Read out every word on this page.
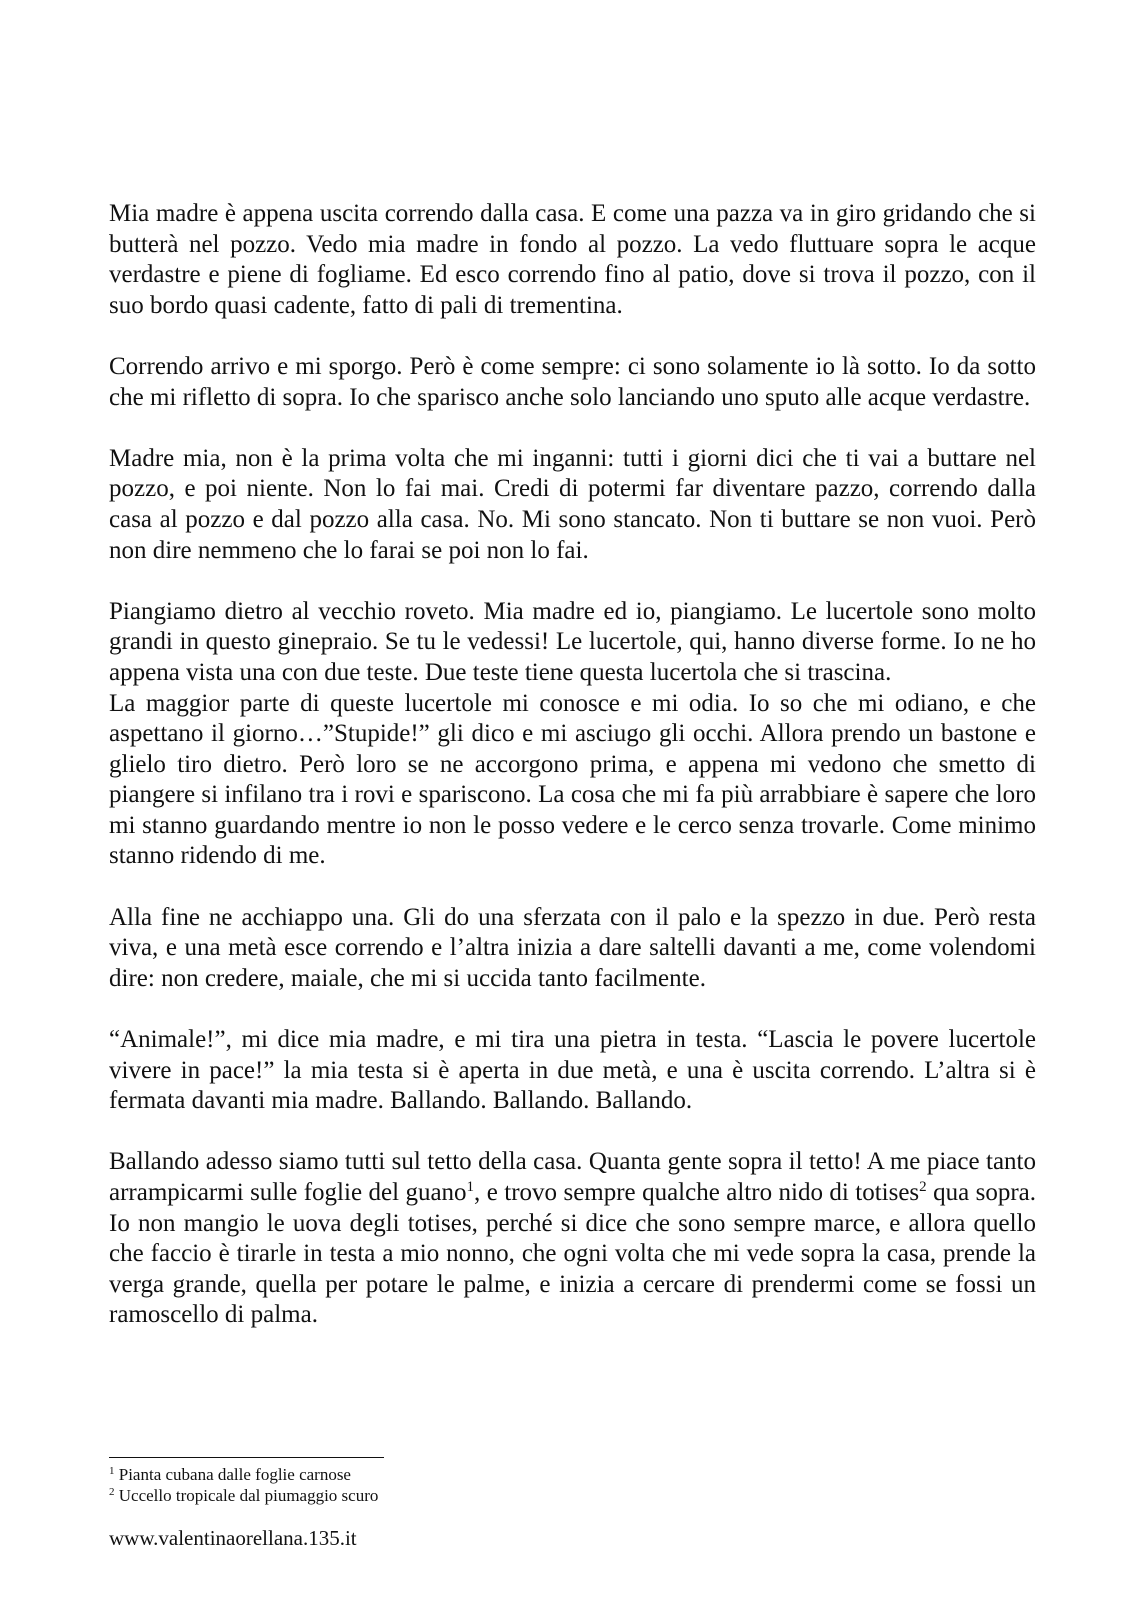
Mia madre è appena uscita correndo dalla casa. E come una pazza va in giro gridando che si butterà nel pozzo. Vedo mia madre in fondo al pozzo. La vedo fluttuare sopra le acque verdastre e piene di fogliame. Ed esco correndo fino al patio, dove si trova il pozzo, con il suo bordo quasi cadente, fatto di pali di trementina.

Correndo arrivo e mi sporgo. Però è come sempre: ci sono solamente io là sotto. Io da sotto che mi rifletto di sopra. Io che sparisco anche solo lanciando uno sputo alle acque verdastre.

Madre mia, non è la prima volta che mi inganni: tutti i giorni dici che ti vai a buttare nel pozzo, e poi niente. Non lo fai mai. Credi di potermi far diventare pazzo, correndo dalla casa al pozzo e dal pozzo alla casa. No. Mi sono stancato. Non ti buttare se non vuoi. Però non dire nemmeno che lo farai se poi non lo fai.

Piangiamo dietro al vecchio roveto. Mia madre ed io, piangiamo. Le lucertole sono molto grandi in questo ginepraio. Se tu le vedessi! Le lucertole, qui, hanno diverse forme. Io ne ho appena vista una con due teste. Due teste tiene questa lucertola che si trascina.

La maggior parte di queste lucertole mi conosce e mi odia. Io so che mi odiano, e che aspettano il giorno…”Stupide!” gli dico e mi asciugo gli occhi. Allora prendo un bastone e glielo tiro dietro. Però loro se ne accorgono prima, e appena mi vedono che smetto di piangere si infilano tra i rovi e spariscono. La cosa che mi fa più arrabbiare è sapere che loro mi stanno guardando mentre io non le posso vedere e le cerco senza trovarle. Come minimo stanno ridendo di me.

Alla fine ne acchiappo una. Gli do una sferzata con il palo e la spezzo in due. Però resta viva, e una metà esce correndo e l’altra inizia a dare saltelli davanti a me, come volendomi dire: non credere, maiale, che mi si uccida tanto facilmente.

“Animale!”, mi dice mia madre, e mi tira una pietra in testa. “Lascia le povere lucertole vivere in pace!” la mia testa si è aperta in due metà, e una è uscita correndo. L’altra si è fermata davanti mia madre. Ballando. Ballando. Ballando.

Ballando adesso siamo tutti sul tetto della casa. Quanta gente sopra il tetto! A me piace tanto arrampicarmi sulle foglie del guano$^1$, e trovo sempre qualche altro nido di totises$^2$ qua sopra. Io non mangio le uova degli totises, perché si dice che sono sempre marce, e allora quello che faccio è tirarle in testa a mio nonno, che ogni volta che mi vede sopra la casa, prende la verga grande, quella per potare le palme, e inizia a cercare di prendermi come se fossi un ramoscello di palma.

$^1$ Pianta cubana dalle foglie carnose
$^2$ Uccello tropicale dal piumaggio scuro
www.valentinaorellana.135.it
